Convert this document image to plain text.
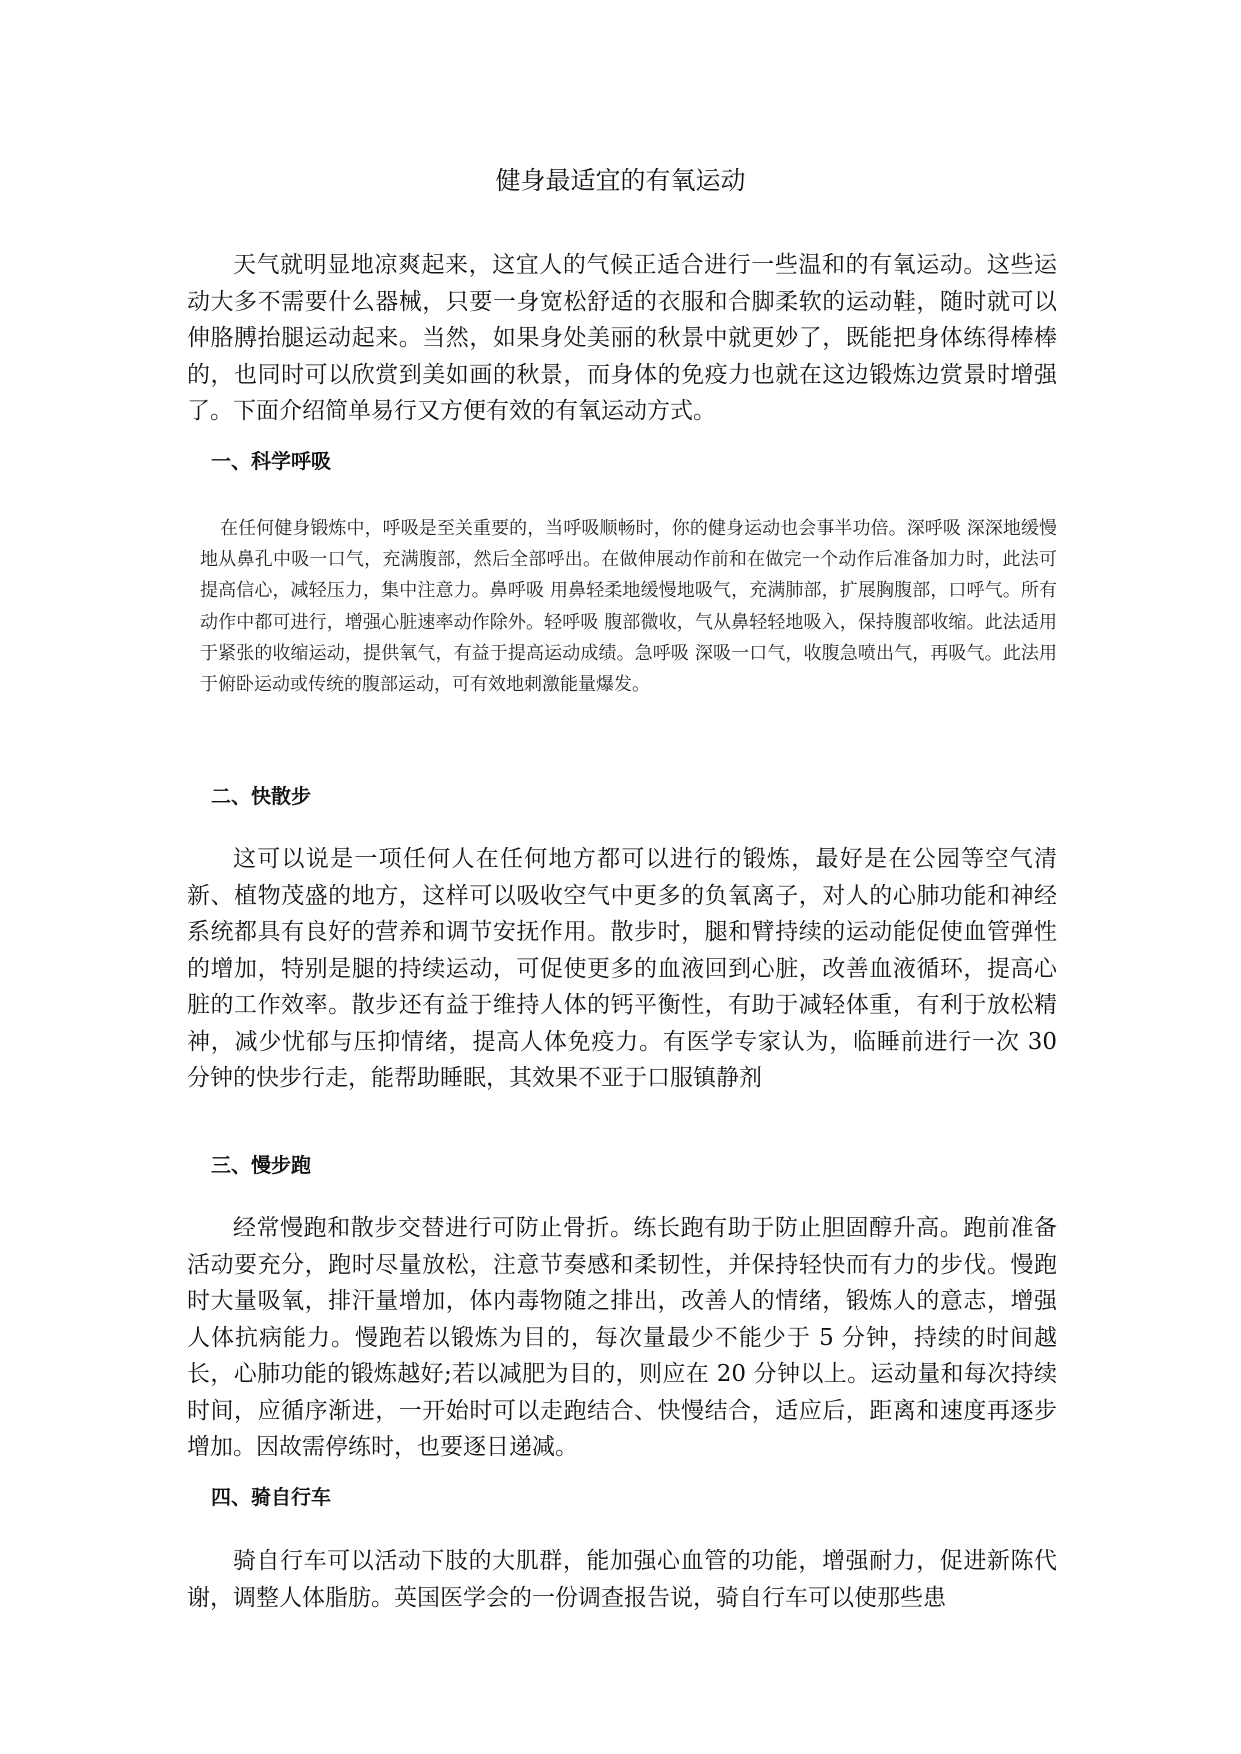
健身最适宜的有氧运动

天气就明显地凉爽起来，这宜人的气候正适合进行一些温和的有氧运动。这些运动大多不需要什么器械，只要一身宽松舒适的衣服和合脚柔软的运动鞋，随时就可以伸胳膊抬腿运动起来。当然，如果身处美丽的秋景中就更妙了，既能把身体练得棒棒的，也同时可以欣赏到美如画的秋景，而身体的免疫力也就在这边锻炼边赏景时增强了。下面介绍简单易行又方便有效的有氧运动方式。

一、科学呼吸

在任何健身锻炼中，呼吸是至关重要的，当呼吸顺畅时，你的健身运动也会事半功倍。深呼吸 深深地缓慢地从鼻孔中吸一口气，充满腹部，然后全部呼出。在做伸展动作前和在做完一个动作后准备加力时，此法可提高信心，减轻压力，集中注意力。鼻呼吸 用鼻轻柔地缓慢地吸气，充满肺部，扩展胸腹部，口呼气。所有动作中都可进行，增强心脏速率动作除外。轻呼吸 腹部微收，气从鼻轻轻地吸入，保持腹部收缩。此法适用于紧张的收缩运动，提供氧气，有益于提高运动成绩。急呼吸 深吸一口气，收腹急喷出气，再吸气。此法用于俯卧运动或传统的腹部运动，可有效地刺激能量爆发。

二、快散步

这可以说是一项任何人在任何地方都可以进行的锻炼，最好是在公园等空气清新、植物茂盛的地方，这样可以吸收空气中更多的负氧离子，对人的心肺功能和神经系统都具有良好的营养和调节安抚作用。散步时，腿和臂持续的运动能促使血管弹性的增加，特别是腿的持续运动，可促使更多的血液回到心脏，改善血液循环，提高心脏的工作效率。散步还有益于维持人体的钙平衡性，有助于减轻体重，有利于放松精神，减少忧郁与压抑情绪，提高人体免疫力。有医学专家认为，临睡前进行一次 30 分钟的快步行走，能帮助睡眠，其效果不亚于口服镇静剂

三、慢步跑

经常慢跑和散步交替进行可防止骨折。练长跑有助于防止胆固醇升高。跑前准备活动要充分，跑时尽量放松，注意节奏感和柔韧性，并保持轻快而有力的步伐。慢跑时大量吸氧，排汗量增加，体内毒物随之排出，改善人的情绪，锻炼人的意志，增强人体抗病能力。慢跑若以锻炼为目的，每次量最少不能少于 5 分钟，持续的时间越长，心肺功能的锻炼越好;若以减肥为目的，则应在 20 分钟以上。运动量和每次持续时间，应循序渐进，一开始时可以走跑结合、快慢结合，适应后，距离和速度再逐步增加。因故需停练时，也要逐日递减。

四、骑自行车

骑自行车可以活动下肢的大肌群，能加强心血管的功能，增强耐力，促进新陈代谢，调整人体脂肪。英国医学会的一份调查报告说，骑自行车可以使那些患
